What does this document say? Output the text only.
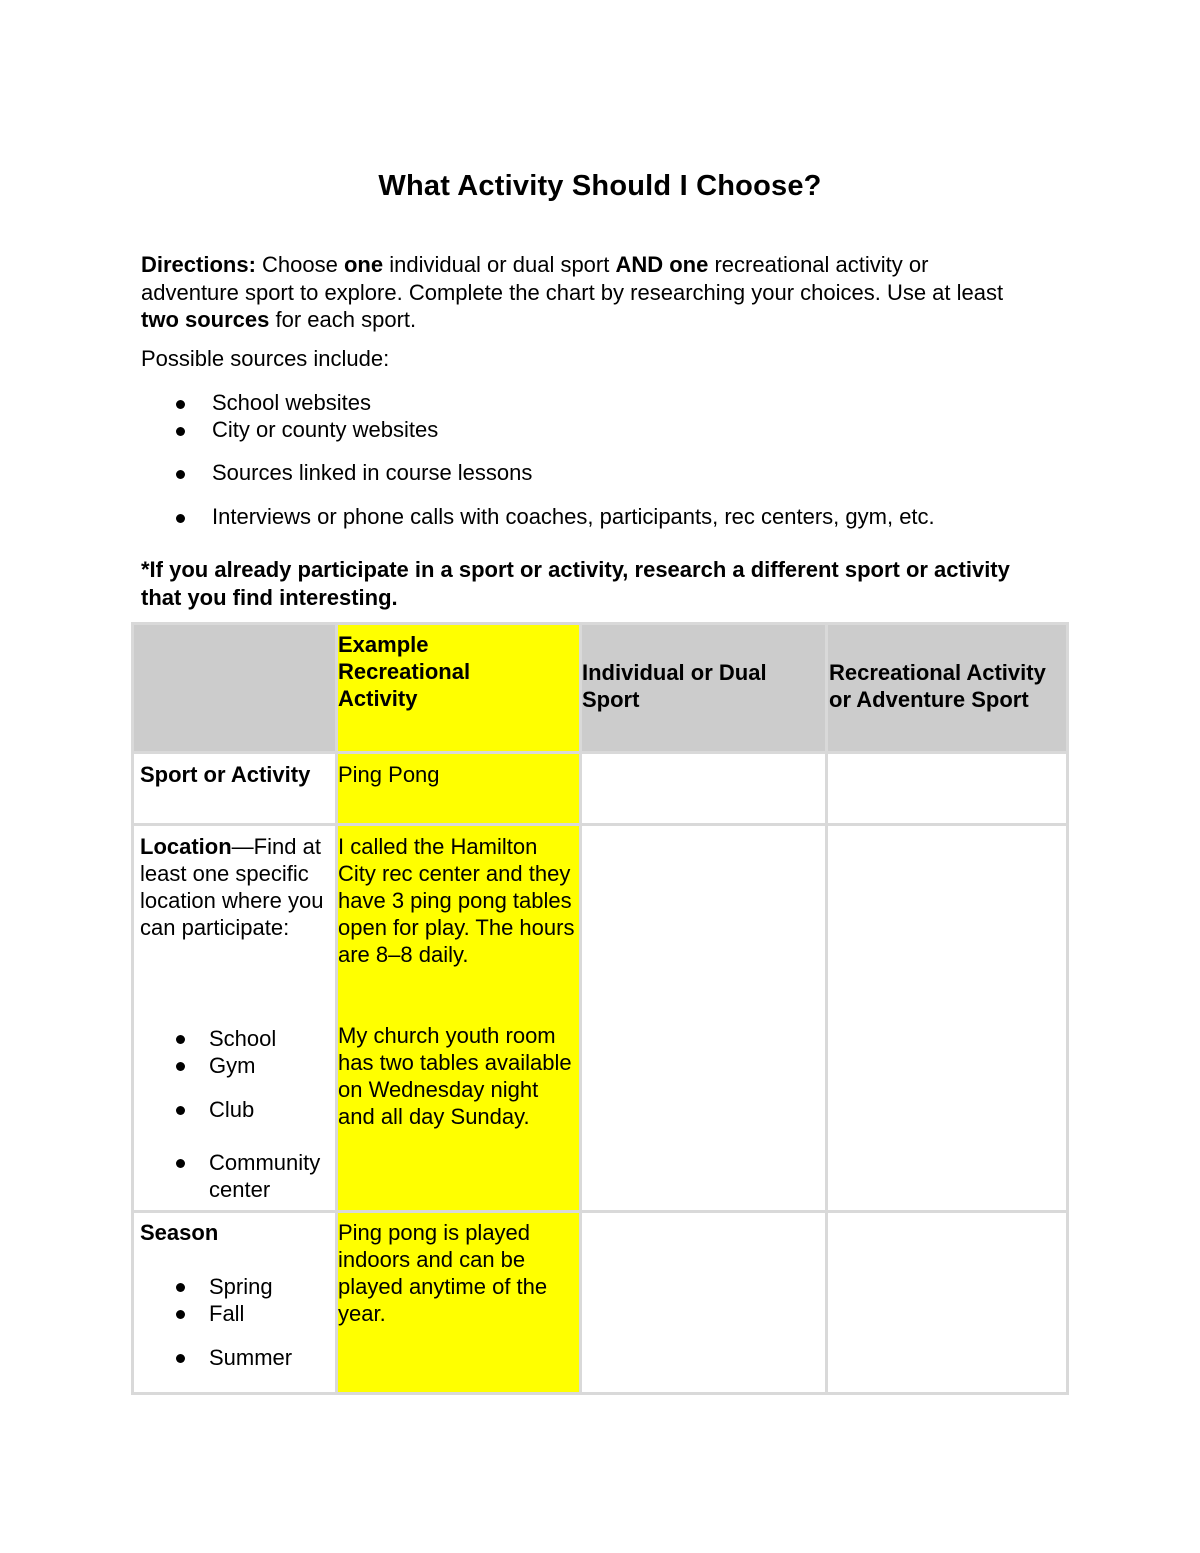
What Activity Should I Choose?
Directions: Choose one individual or dual sport AND one recreational activity or adventure sport to explore. Complete the chart by researching your choices. Use at least two sources for each sport.
Possible sources include:
School websites
City or county websites
Sources linked in course lessons
Interviews or phone calls with coaches, participants, rec centers, gym, etc.
*If you already participate in a sport or activity, research a different sport or activity that you find interesting.
Example Recreational Activity
Individual or Dual Sport
Recreational Activity or Adventure Sport
Sport or Activity Ping Pong
Location—Find at least one specific location where you can participate:
School
Gym
Club
Community center
I called the Hamilton City rec center and they have 3 ping pong tables open for play. The hours are 8–8 daily.
My church youth room has two tables available on Wednesday night and all day Sunday.
Season
Spring
Fall
Summer
Ping pong is played indoors and can be played anytime of the year.
